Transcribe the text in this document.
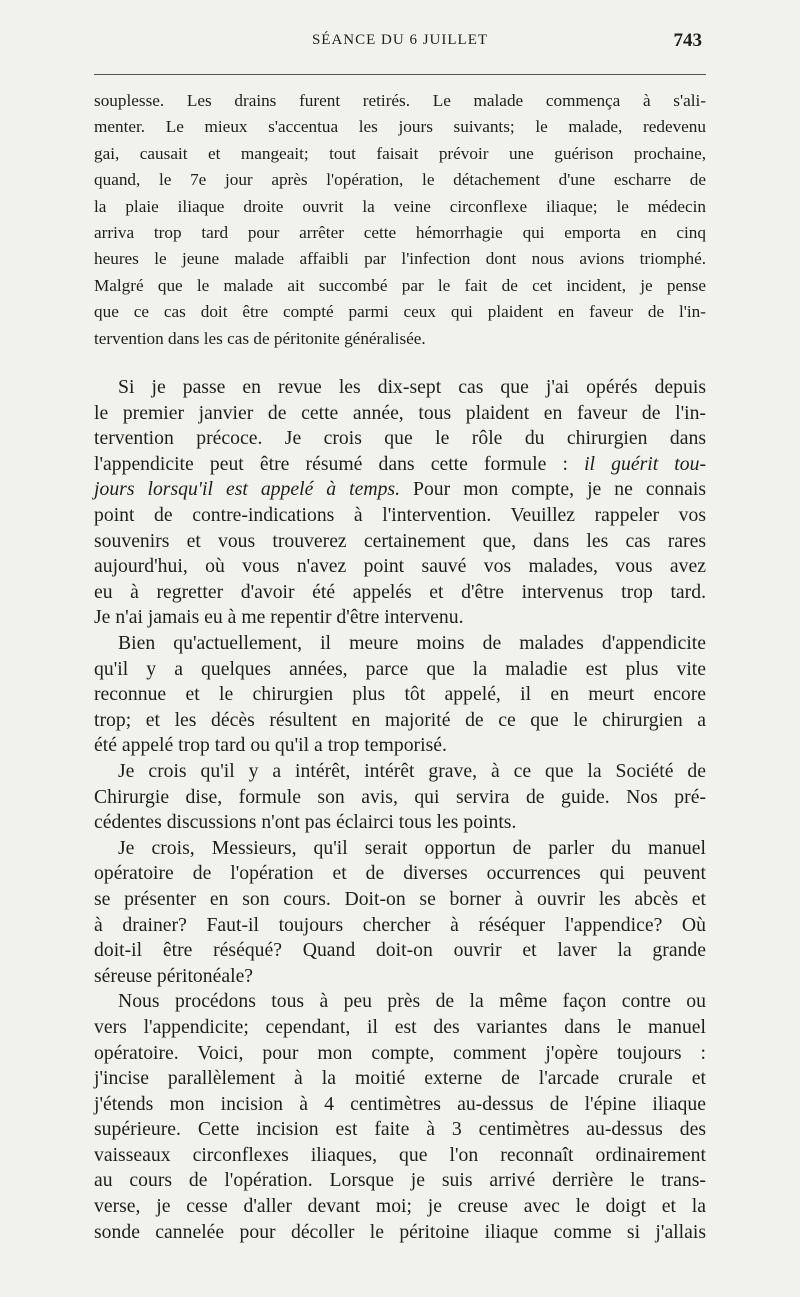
SÉANCE DU 6 JUILLET	743

souplesse. Les drains furent retirés. Le malade commença à s'ali-
menter. Le mieux s'accentua les jours suivants; le malade, redevenu
gai, causait et mangeait; tout faisait prévoir une guérison prochaine,
quand, le 7e jour après l'opération, le détachement d'une escharre de
la plaie iliaque droite ouvrit la veine circonflexe iliaque; le médecin
arriva trop tard pour arrêter cette hémorrhagie qui emporta en cinq
heures le jeune malade affaibli par l'infection dont nous avions triomphé.
Malgré que le malade ait succombé par le fait de cet incident, je pense
que ce cas doit être compté parmi ceux qui plaident en faveur de l'in-
tervention dans les cas de péritonite généralisée.

Si je passe en revue les dix-sept cas que j'ai opérés depuis
le premier janvier de cette année, tous plaident en faveur de l'in-
tervention précoce. Je crois que le rôle du chirurgien dans
l'appendicite peut être résumé dans cette formule : il guérit tou-
jours lorsqu'il est appelé à temps. Pour mon compte, je ne connais
point de contre-indications à l'intervention. Veuillez rappeler vos
souvenirs et vous trouverez certainement que, dans les cas rares
aujourd'hui, où vous n'avez point sauvé vos malades, vous avez
eu à regretter d'avoir été appelés et d'être intervenus trop tard.
Je n'ai jamais eu à me repentir d'être intervenu.

Bien qu'actuellement, il meure moins de malades d'appendicite
qu'il y a quelques années, parce que la maladie est plus vite
reconnue et le chirurgien plus tôt appelé, il en meurt encore
trop; et les décès résultent en majorité de ce que le chirurgien a
été appelé trop tard ou qu'il a trop temporisé.

Je crois qu'il y a intérêt, intérêt grave, à ce que la Société de
Chirurgie dise, formule son avis, qui servira de guide. Nos pré-
cédentes discussions n'ont pas éclairci tous les points.

Je crois, Messieurs, qu'il serait opportun de parler du manuel
opératoire de l'opération et de diverses occurrences qui peuvent
se présenter en son cours. Doit-on se borner à ouvrir les abcès et
à drainer? Faut-il toujours chercher à réséquer l'appendice? Où
doit-il être réséqué? Quand doit-on ouvrir et laver la grande
séreuse péritonéale?

Nous procédons tous à peu près de la même façon contre ou
vers l'appendicite; cependant, il est des variantes dans le manuel
opératoire. Voici, pour mon compte, comment j'opère toujours :
j'incise parallèlement à la moitié externe de l'arcade crurale et
j'étends mon incision à 4 centimètres au-dessus de l'épine iliaque
supérieure. Cette incision est faite à 3 centimètres au-dessus des
vaisseaux circonflexes iliaques, que l'on reconnaît ordinairement
au cours de l'opération. Lorsque je suis arrivé derrière le trans-
verse, je cesse d'aller devant moi; je creuse avec le doigt et la
sonde cannelée pour décoller le péritoine iliaque comme si j'allais
